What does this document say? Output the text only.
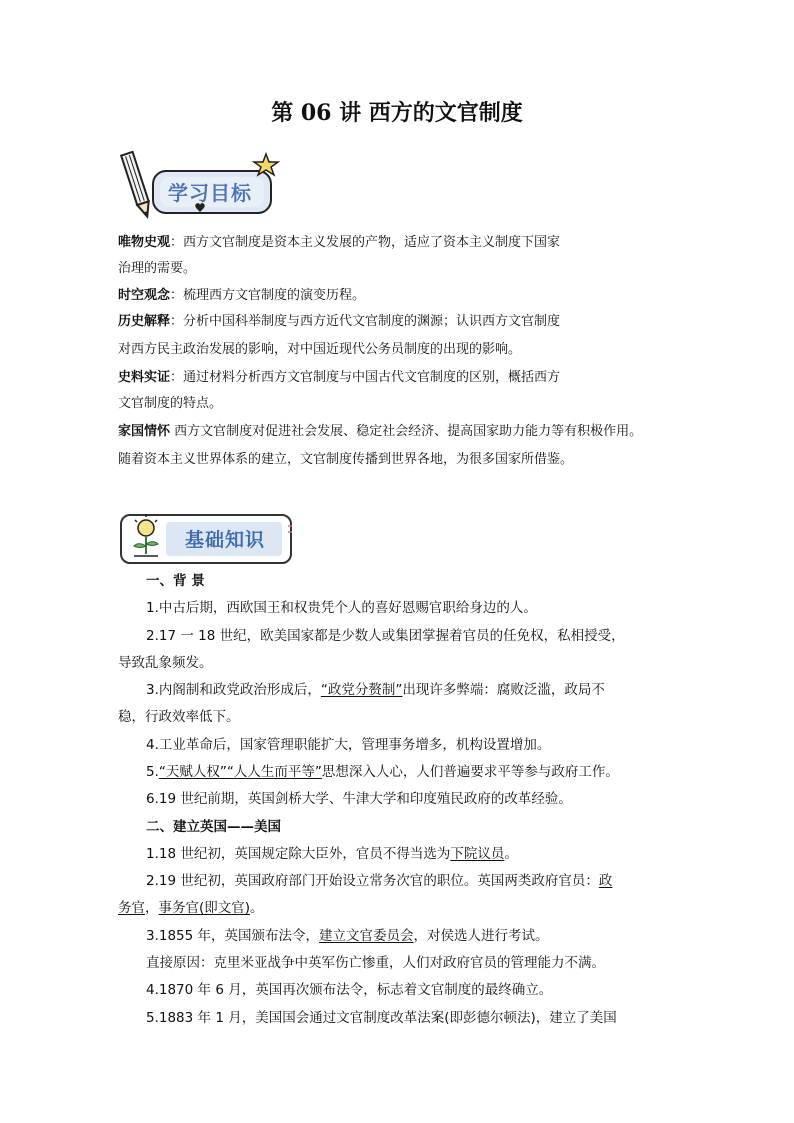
第 06 讲 西方的文官制度
学习目标
唯物史观：西方文官制度是资本主义发展的产物，适应了资本主义制度下国家
治理的需要。
时空观念：梳理西方文官制度的演变历程。
历史解释：分析中国科举制度与西方近代文官制度的渊源；认识西方文官制度
对西方民主政治发展的影响，对中国近现代公务员制度的出现的影响。
史料实证：通过材料分析西方文官制度与中国古代文官制度的区别，概括西方
文官制度的特点。
家国情怀 西方文官制度对促进社会发展、稳定社会经济、提高国家助力能力等有积极作用。
随着资本主义世界体系的建立，文官制度传播到世界各地，为很多国家所借鉴。
基础知识
一、背 景
1.中古后期，西欧国王和权贵凭个人的喜好恩赐官职给身边的人。
2.17 一 18 世纪，欧美国家都是少数人或集团掌握着官员的任免权，私相授受，
导致乱象频发。
3.内阁制和政党政治形成后，“政党分赘制”出现许多弊端：腐败泛滥，政局不
稳，行政效率低下。
4.工业革命后，国家管理职能扩大，管理事务增多，机构设置增加。
5.“天赋人权”“人人生而平等”思想深入人心，人们普遍要求平等参与政府工作。
6.19 世纪前期，英国剑桥大学、牛津大学和印度殖民政府的改革经验。
二、建立英国——美国
1.18 世纪初，英国规定除大臣外，官员不得当选为下院议员。
2.19 世纪初，英国政府部门开始设立常务次官的职位。英国两类政府官员：政
务官，事务官(即文官)。
3.1855 年，英国颁布法令，建立文官委员会，对侯选人进行考试。
直接原因：克里米亚战争中英军伤亡惨重，人们对政府官员的管理能力不满。
4.1870 年 6 月，英国再次颁布法令，标志着文官制度的最终确立。
5.1883 年 1 月，美国国会通过文官制度改革法案(即彭德尔顿法)，建立了美国
